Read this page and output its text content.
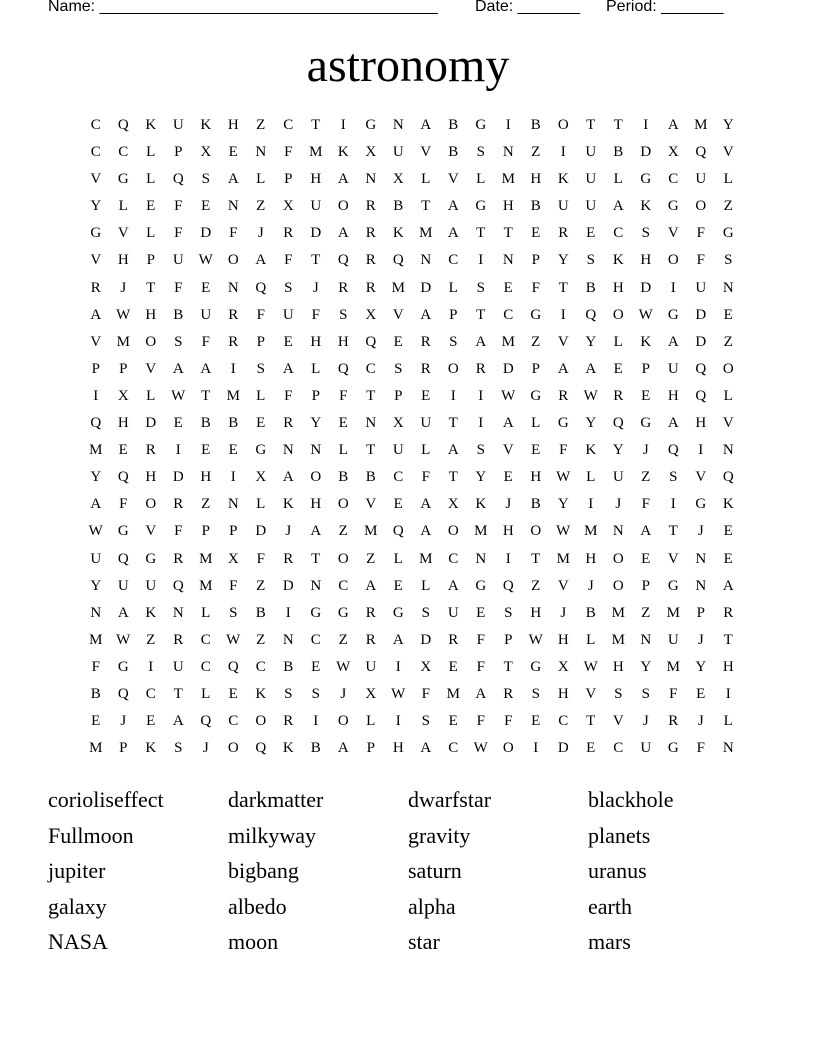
Name: ______________________________________ Date: _______ Period: _______
astronomy
C	Q	K	U	K	H	Z	C	T	I	G	N	A	B	G	I	B	O	T	T	I	A	M	Y
C	C	L	P	X	E	N	F	M	K	X	U	V	B	S	N	Z	I	U	B	D	X	Q	V
V	G	L	Q	S	A	L	P	H	A	N	X	L	V	L	M	H	K	U	L	G	C	U	L
Y	L	E	F	E	N	Z	X	U	O	R	B	T	A	G	H	B	U	U	A	K	G	O	Z
G	V	L	F	D	F	J	R	D	A	R	K	M	A	T	T	E	R	E	C	S	V	F	G
V	H	P	U W	O	A	F	T	Q	R	Q	N	C	I	N	P	Y	S	K	H	O	F	S
R	J	T	F	E	N	Q	S	J	R	R	M	D	L	S	E	F	T	B	H	D	I	U	N
A W	H	B	U	R	F	U	F	S	X	V	A	P	T	C	G	I	Q	O W	G	D	E
V	M	O	S	F	R	P	E	H	H	Q	E	R	S	A	M	Z	V	Y	L	K	A	D	Z
P	P	V	A	A	I	S	A	L	Q	C	S	R	O	R	D	P	A	A	E	P	U	Q	O
I	X	L	W	T	M	L	F	P	F	T	P	E	I	I	W	G	R	W	R	E	H	Q	L
Q	H	D	E	B	B	E	R	Y	E	N	X	U	T	I	A	L	G	Y	Q	G	A	H	V
M	E	R	I	E	E	G	N	N	L	T	U	L	A	S	V	E	F	K	Y	J	Q	I	N
Y	Q	H	D	H	I	X	A	O	B	B	C	F	T	Y	E	H W	L	U	Z	S	V	Q
A	F	O	R	Z	N	L	K	H	O	V	E	A	X	K	J	B	Y	I	J	F	I	G	K
W	G	V	F	P	P	D	J	A	Z	M	Q	A	O	M	H	O W M	N	A	T	J	E
U	Q	G	R	M	X	F	R	T	O	Z	L	M	C	N	I	T	M	H	O	E	V	N	E
Y	U	U	Q	M	F	Z	D	N	C	A	E	L	A	G	Q	Z	V	J	O	P	G	N	A
N	A	K	N	L	S	B	I	G	G	R	G	S	U	E	S	H	J	B	M	Z	M	P	R
M W	Z	R	C	W	Z	N	C	Z	R	A	D	R	F	P	W	H	L	M	N	U	J	T
F	G	I	U	C	Q	C	B	E	W	U	I	X	E	F	T	G	X W	H	Y	M	Y	H
B	Q	C	T	L	E	K	S	S	J	X W	F	M	A	R	S	H	V	S	S	F	E	I
E	J	E	A	Q	C	O	R	I	O	L	I	S	E	F	F	E	C	T	V	J	R	J	L
M	P	K	S	J	O	Q	K	B	A	P	H	A	C	W	O	I	D	E	C	U	G	F	N
corioliseffect	darkmatter	dwarfstar	blackhole
Fullmoon	milkyway	gravity	planets
jupiter	bigbang	saturn	uranus
galaxy	albedo	alpha	earth
NASA	moon	star	mars
